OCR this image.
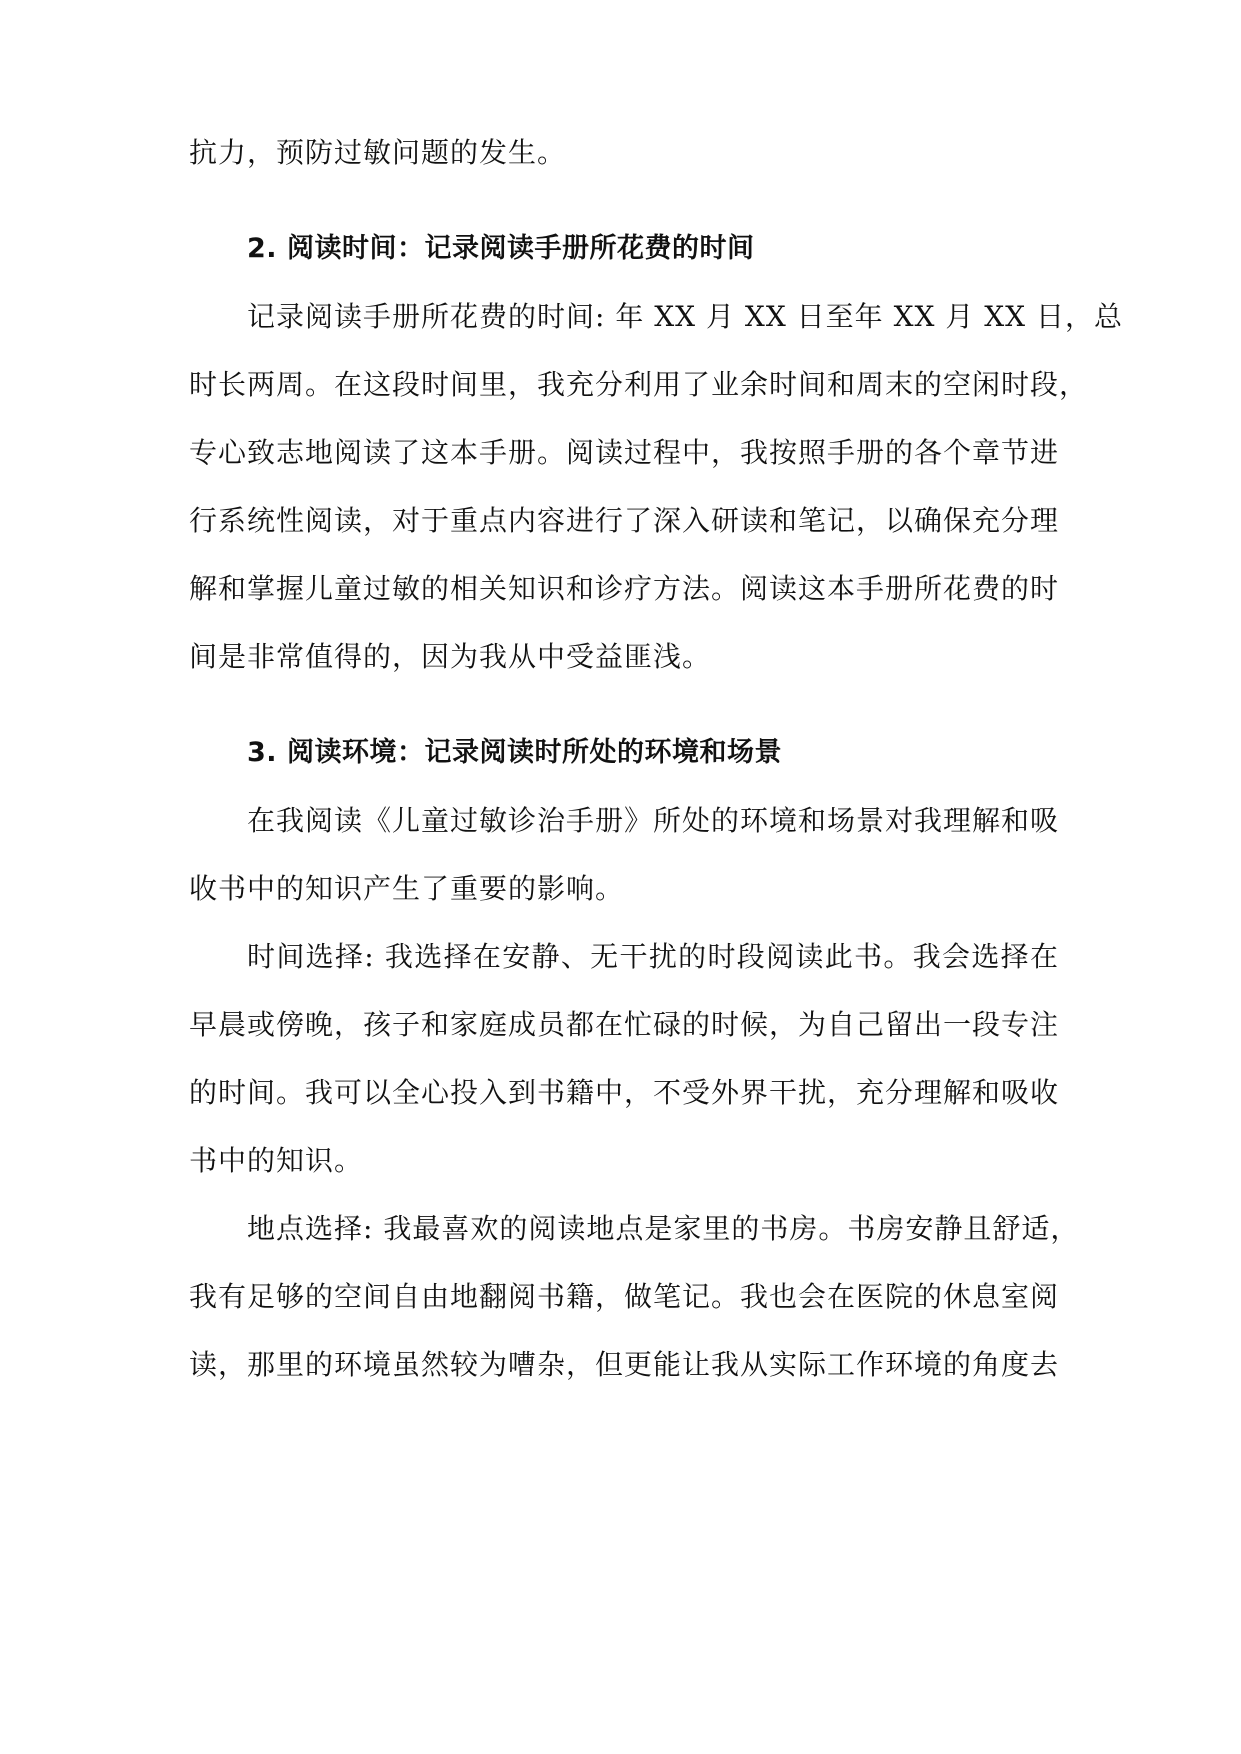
抗力，预防过敏问题的发生。

2. 阅读时间：记录阅读手册所花费的时间

记录阅读手册所花费的时间: 年 XX 月 XX 日至年 XX 月 XX 日，总

时长两周。在这段时间里，我充分利用了业余时间和周末的空闲时段，

专心致志地阅读了这本手册。阅读过程中，我按照手册的各个章节进

行系统性阅读，对于重点内容进行了深入研读和笔记，以确保充分理

解和掌握儿童过敏的相关知识和诊疗方法。阅读这本手册所花费的时

间是非常值得的，因为我从中受益匪浅。

3. 阅读环境：记录阅读时所处的环境和场景

在我阅读《儿童过敏诊治手册》所处的环境和场景对我理解和吸

收书中的知识产生了重要的影响。

时间选择: 我选择在安静、无干扰的时段阅读此书。我会选择在

早晨或傍晚，孩子和家庭成员都在忙碌的时候，为自己留出一段专注

的时间。我可以全心投入到书籍中，不受外界干扰，充分理解和吸收

书中的知识。

地点选择: 我最喜欢的阅读地点是家里的书房。书房安静且舒适，

我有足够的空间自由地翻阅书籍，做笔记。我也会在医院的休息室阅

读，那里的环境虽然较为嘈杂，但更能让我从实际工作环境的角度去
